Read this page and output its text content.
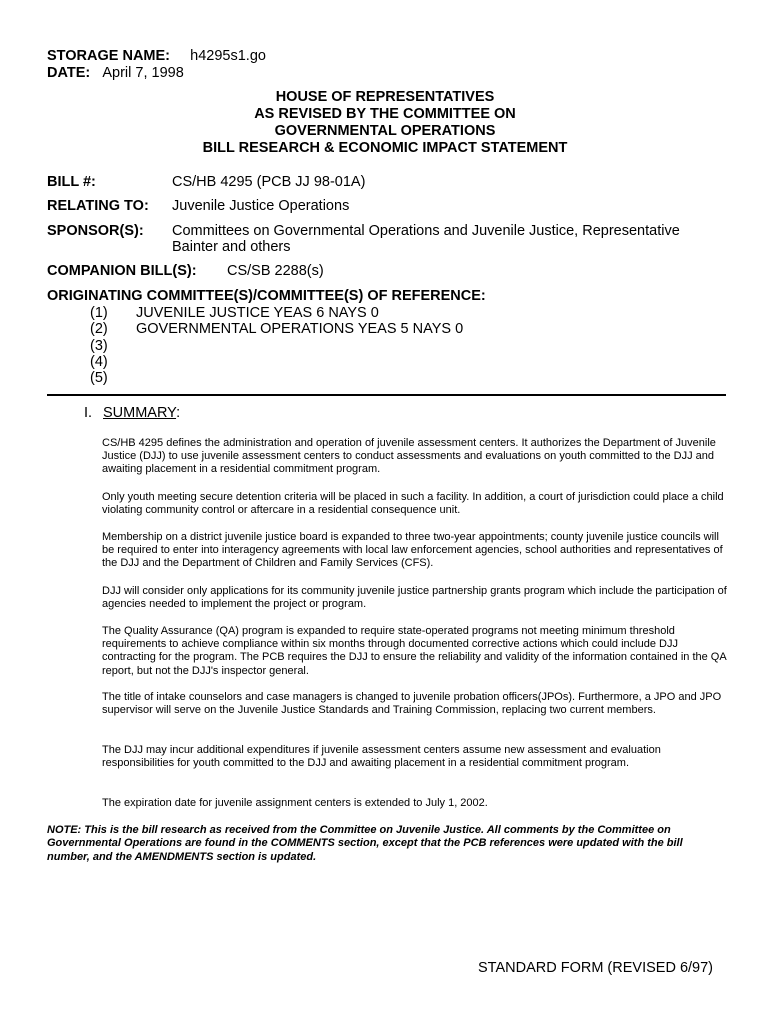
STORAGE NAME: h4295s1.go
DATE: April 7, 1998
HOUSE OF REPRESENTATIVES
AS REVISED BY THE COMMITTEE ON
GOVERNMENTAL OPERATIONS
BILL RESEARCH & ECONOMIC IMPACT STATEMENT
BILL #:	CS/HB 4295 (PCB JJ 98-01A)
RELATING TO: Juvenile Justice Operations
SPONSOR(S): Committees on Governmental Operations and Juvenile Justice, Representative
Bainter and others
COMPANION BILL(S): CS/SB 2288(s)
ORIGINATING COMMITTEE(S)/COMMITTEE(S) OF REFERENCE:
(1) JUVENILE JUSTICE YEAS 6 NAYS 0
(2) GOVERNMENTAL OPERATIONS YEAS 5 NAYS 0
(3)
(4)
(5)
I. SUMMARY:
CS/HB 4295 defines the administration and operation of juvenile assessment centers. It authorizes the Department of Juvenile Justice (DJJ) to use juvenile assessment centers to conduct assessments and evaluations on youth committed to the DJJ and awaiting placement in a residential commitment program.
Only youth meeting secure detention criteria will be placed in such a facility. In addition, a court of jurisdiction could place a child violating community control or aftercare in a residential consequence unit.
Membership on a district juvenile justice board is expanded to three two-year appointments; county juvenile justice councils will be required to enter into interagency agreements with local law enforcement agencies, school authorities and representatives of the DJJ and the Department of Children and Family Services (CFS).
DJJ will consider only applications for its community juvenile justice partnership grants program which include the participation of agencies needed to implement the project or program.
The Quality Assurance (QA) program is expanded to require state-operated programs not meeting minimum threshold requirements to achieve compliance within six months through documented corrective actions which could include DJJ contracting for the program. The PCB requires the DJJ to ensure the reliability and validity of the information contained in the QA report, but not the DJJ's inspector general.
The title of intake counselors and case managers is changed to juvenile probation officers(JPOs). Furthermore, a JPO and JPO supervisor will serve on the Juvenile Justice Standards and Training Commission, replacing two current members.
The DJJ may incur additional expenditures if juvenile assessment centers assume new assessment and evaluation responsibilities for youth committed to the DJJ and awaiting placement in a residential commitment program.
The expiration date for juvenile assignment centers is extended to July 1, 2002.
NOTE: This is the bill research as received from the Committee on Juvenile Justice. All comments by the Committee on Governmental Operations are found in the COMMENTS section, except that the PCB references were updated with the bill number, and the AMENDMENTS section is updated.
STANDARD FORM (REVISED 6/97)
